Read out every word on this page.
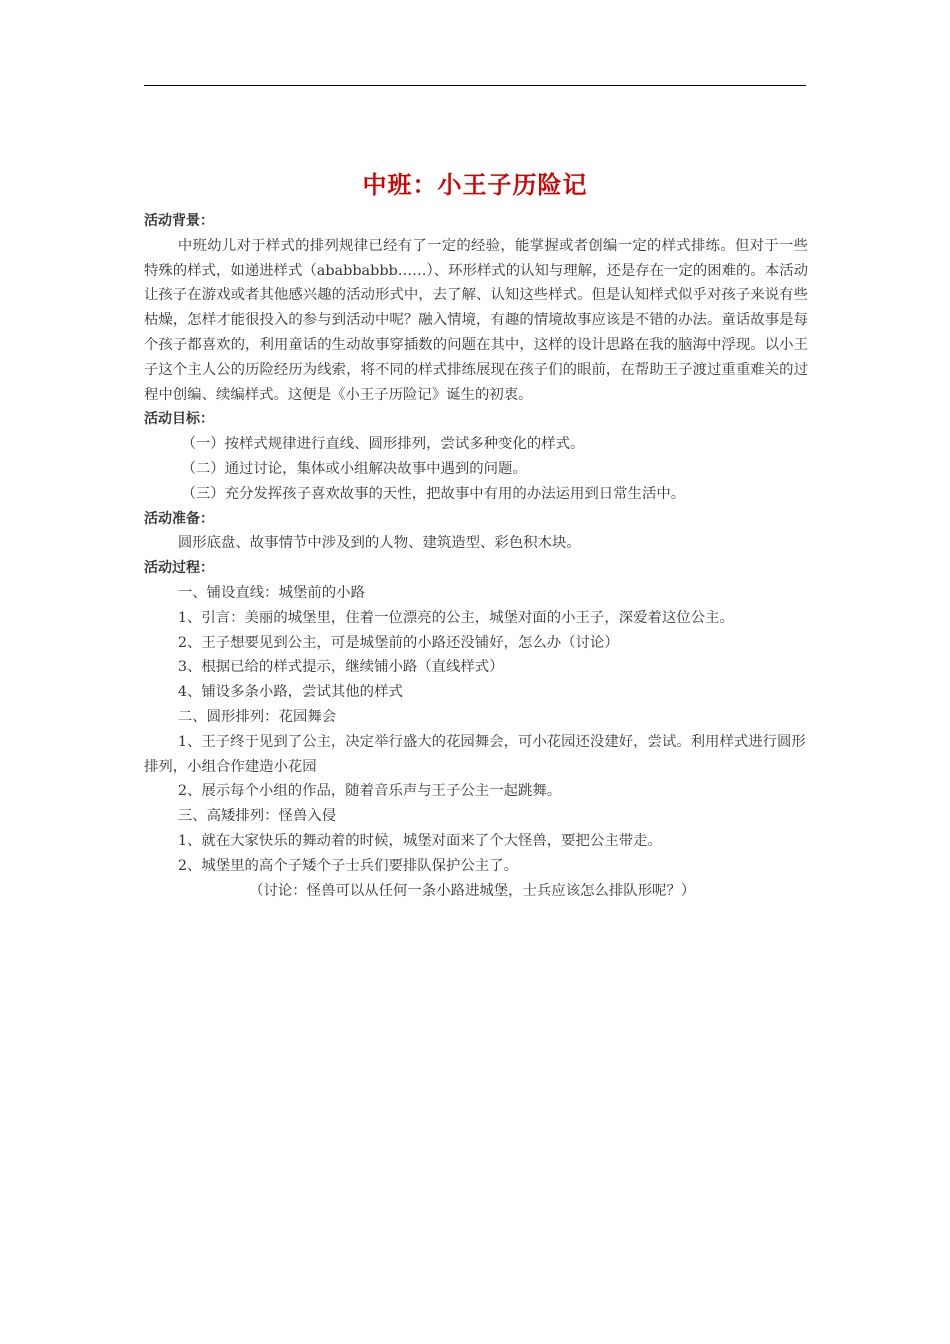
中班：小王子历险记

活动背景：

中班幼儿对于样式的排列规律已经有了一定的经验，能掌握或者创编一定的样式排练。但对于一些特殊的样式，如递进样式（ababbabbb……）、环形样式的认知与理解，还是存在一定的困难的。本活动让孩子在游戏或者其他感兴趣的活动形式中，去了解、认知这些样式。但是认知样式似乎对孩子来说有些枯燥，怎样才能很投入的参与到活动中呢？融入情境，有趣的情境故事应该是不错的办法。童话故事是每个孩子都喜欢的，利用童话的生动故事穿插数的问题在其中，这样的设计思路在我的脑海中浮现。以小王子这个主人公的历险经历为线索，将不同的样式排练展现在孩子们的眼前，在帮助王子渡过重重难关的过程中创编、续编样式。这便是《小王子历险记》诞生的初衷。

活动目标：

（一）按样式规律进行直线、圆形排列，尝试多种变化的样式。

（二）通过讨论，集体或小组解决故事中遇到的问题。

（三）充分发挥孩子喜欢故事的天性，把故事中有用的办法运用到日常生活中。

活动准备：

圆形底盘、故事情节中涉及到的人物、建筑造型、彩色积木块。

活动过程：

一、铺设直线：城堡前的小路

1、引言：美丽的城堡里，住着一位漂亮的公主，城堡对面的小王子，深爱着这位公主。

2、王子想要见到公主，可是城堡前的小路还没铺好，怎么办（讨论）

3、根据已给的样式提示，继续铺小路（直线样式）

4、铺设多条小路，尝试其他的样式

二、圆形排列：花园舞会

1、王子终于见到了公主，决定举行盛大的花园舞会，可小花园还没建好，尝试。利用样式进行圆形排列，小组合作建造小花园

2、展示每个小组的作品，随着音乐声与王子公主一起跳舞。

三、高矮排列：怪兽入侵

1、就在大家快乐的舞动着的时候，城堡对面来了个大怪兽，要把公主带走。

2、城堡里的高个子矮个子士兵们要排队保护公主了。

（讨论：怪兽可以从任何一条小路进城堡，士兵应该怎么排队形呢？）
